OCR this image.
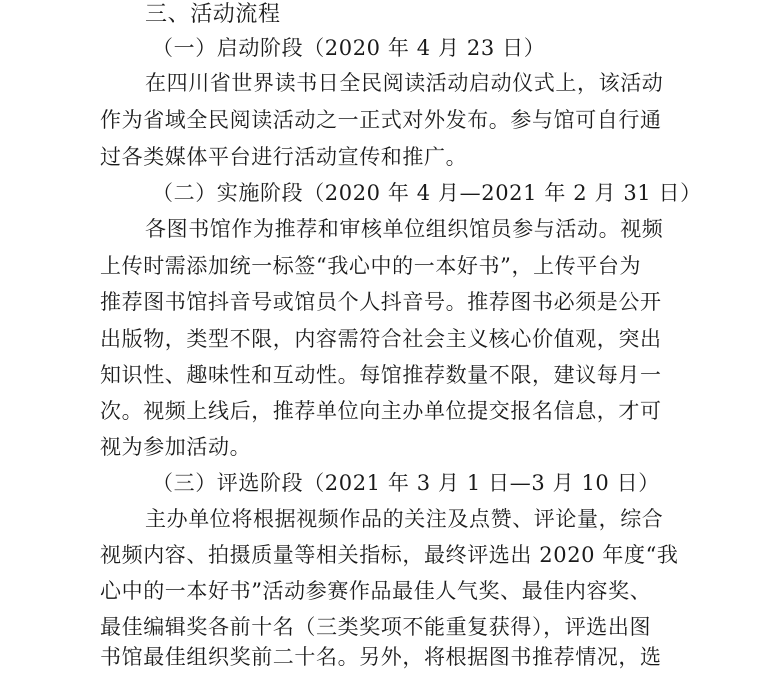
三、活动流程
（一）启动阶段（2020 年 4 月 23 日）
在四川省世界读书日全民阅读活动启动仪式上，该活动
作为省域全民阅读活动之一正式对外发布。参与馆可自行通
过各类媒体平台进行活动宣传和推广。
（二）实施阶段（2020 年 4 月—2021 年 2 月 31 日）
各图书馆作为推荐和审核单位组织馆员参与活动。视频
上传时需添加统一标签“我心中的一本好书”，上传平台为
推荐图书馆抖音号或馆员个人抖音号。推荐图书必须是公开
出版物，类型不限，内容需符合社会主义核心价值观，突出
知识性、趣味性和互动性。每馆推荐数量不限，建议每月一
次。视频上线后，推荐单位向主办单位提交报名信息，才可
视为参加活动。
（三）评选阶段（2021 年 3 月 1 日—3 月 10 日）
主办单位将根据视频作品的关注及点赞、评论量，综合
视频内容、拍摄质量等相关指标，最终评选出 2020 年度“我
心中的一本好书”活动参赛作品最佳人气奖、最佳内容奖、
最佳编辑奖各前十名（三类奖项不能重复获得），评选出图
书馆最佳组织奖前二十名。另外，将根据图书推荐情况，选
